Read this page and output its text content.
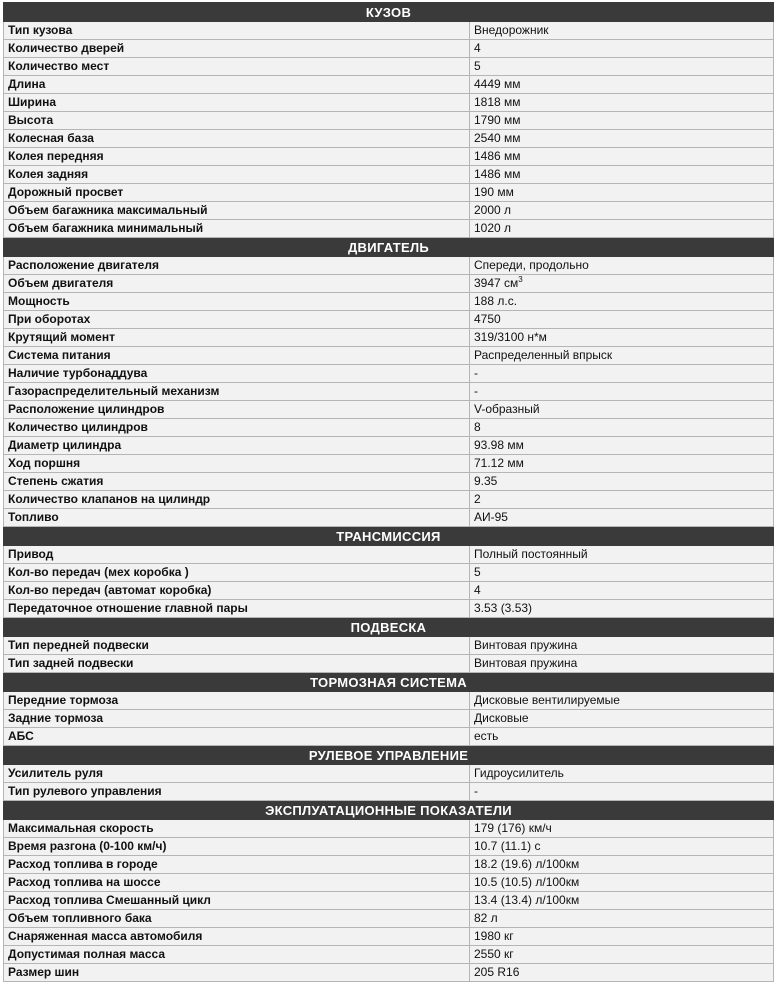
КУЗОВ	
Тип кузова	Внедорожник
Количество дверей	4
Количество мест	5
Длина	4449 мм
Ширина	1818 мм
Высота	1790 мм
Колесная база	2540 мм
Колея передняя	1486 мм
Колея задняя	1486 мм
Дорожный просвет	190 мм
Объем багажника максимальный	2000 л
Объем багажника минимальный	1020 л
ДВИГАТЕЛЬ	
Расположение двигателя	Спереди, продольно
Объем двигателя	3947 $см^3$
Мощность	188 л.с.
При оборотах	4750
Крутящий момент	319/3100 н*м
Система питания	Распределенный впрыск
Наличие турбонаддува	-
Газораспределительный механизм	-
Расположение цилиндров	V-образный
Количество цилиндров	8
Диаметр цилиндра	93.98 мм
Ход поршня	71.12 мм
Степень сжатия	9.35
Количество клапанов на цилиндр	2
Топливо	АИ-95
ТРАНСМИССИЯ	
Привод	Полный постоянный
Кол-во передач (мех коробка )	5
Кол-во передач (автомат коробка)	4
Передаточное отношение главной пары	3.53 (3.53)
ПОДВЕСКА	
Тип передней подвески	Винтовая пружина
Тип задней подвески	Винтовая пружина
ТОРМОЗНАЯ СИСТЕМА	
Передние тормоза	Дисковые вентилируемые
Задние тормоза	Дисковые
АБС	есть
РУЛЕВОЕ УПРАВЛЕНИЕ	
Усилитель руля	Гидроусилитель
Тип рулевого управления	-
ЭКСПЛУАТАЦИОННЫЕ ПОКАЗАТЕЛИ	
Максимальная скорость	179 (176) км/ч
Время разгона (0-100 км/ч)	10.7 (11.1) с
Расход топлива в городе	18.2 (19.6) л/100км
Расход топлива на шоссе	10.5 (10.5) л/100км
Расход топлива Смешанный цикл	13.4 (13.4) л/100км
Объем топливного бака	82 л
Снаряженная масса автомобиля	1980 кг
Допустимая полная масса	2550 кг
Размер шин	205 R16
